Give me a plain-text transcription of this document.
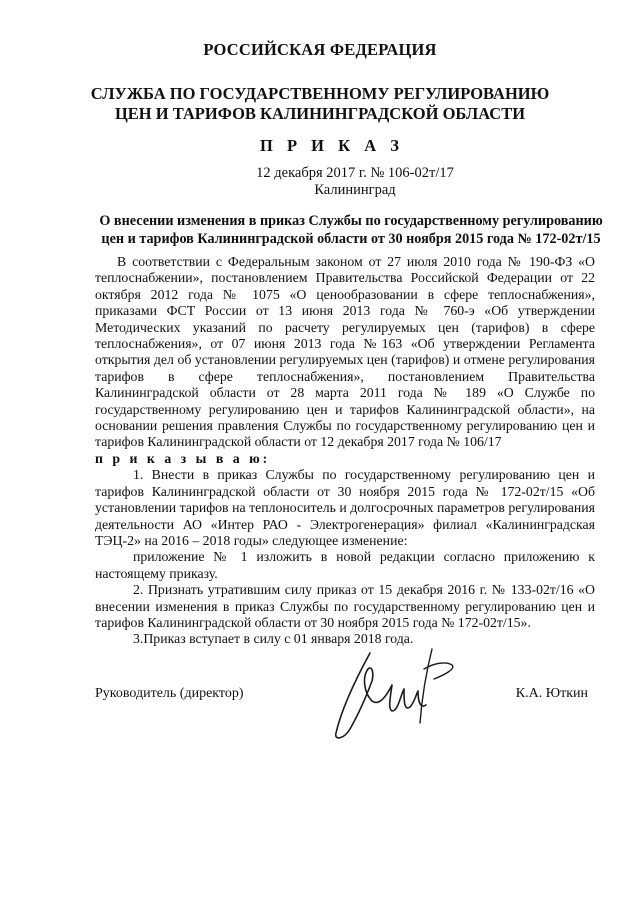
РОССИЙСКАЯ ФЕДЕРАЦИЯ
СЛУЖБА ПО ГОСУДАРСТВЕННОМУ РЕГУЛИРОВАНИЮ
ЦЕН И ТАРИФОВ КАЛИНИНГРАДСКОЙ ОБЛАСТИ
П Р И К А З
12 декабря 2017 г. № 106-02т/17
Калининград
О внесении изменения в приказ Службы по государственному регулированию цен и тарифов Калининградской области от 30 ноября 2015 года № 172-02т/15

В соответствии с Федеральным законом от 27 июля 2010 года № 190-ФЗ «О теплоснабжении», постановлением Правительства Российской Федерации от 22 октября 2012 года № 1075 «О ценообразовании в сфере теплоснабжения», приказами ФСТ России от 13 июня 2013 года № 760-э «Об утверждении Методических указаний по расчету регулируемых цен (тарифов) в сфере теплоснабжения», от 07 июня 2013 года №163 «Об утверждении Регламента открытия дел об установлении регулируемых цен (тарифов) и отмене регулирования тарифов в сфере теплоснабжения», постановлением Правительства Калининградской области от 28 марта 2011 года № 189 «О Службе по государственному регулированию цен и тарифов Калининградской области», на основании решения правления Службы по государственному регулированию цен и тарифов Калининградской области от 12 декабря 2017 года № 106/17

п р и к а з ы в а ю:

1. Внести в приказ Службы по государственному регулированию цен и тарифов Калининградской области от 30 ноября 2015 года № 172-02т/15 «Об установлении тарифов на теплоноситель и долгосрочных параметров регулирования деятельности АО «Интер РАО - Электрогенерация» филиал «Калининградская ТЭЦ-2» на 2016 – 2018 годы» следующее изменение:

приложение № 1 изложить в новой редакции согласно приложению к настоящему приказу.

2. Признать утратившим силу приказ от 15 декабря 2016 г. № 133-02т/16 «О внесении изменения в приказ Службы по государственному регулированию цен и тарифов Калининградской области от 30 ноября 2015 года № 172-02т/15».

3.Приказ вступает в силу с 01 января 2018 года.

Руководитель (директор)	К.А. Юткин
